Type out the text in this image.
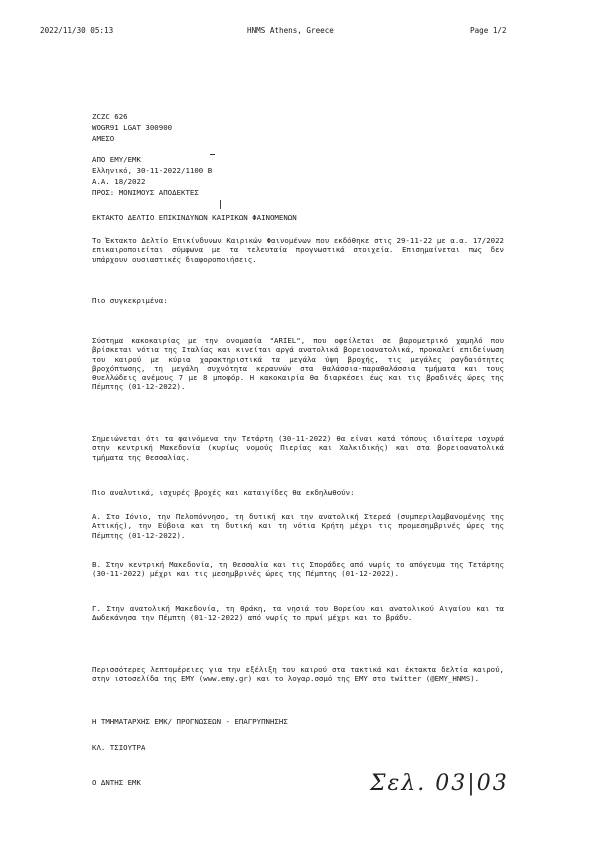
2022/11/30 05:13	HNMS Athens, Greece	Page 1/2
ZCZC 626
WOGR91 LGAT 300900
ΑΜΕΣΟ
ΑΠΟ ΕΜΥ/ΕΜΚ
Ελληνικό, 30-11-2022/1100 Β
Α.Α. 18/2022
ΠΡΟΣ: ΜΟΝΙΜΟΥΣ ΑΠΟΔΕΚΤΕΣ
ΕΚΤΑΚΤΟ ΔΕΛΤΙΟ ΕΠΙΚΙΝΔΥΝΩΝ ΚΑΙΡΙΚΩΝ ΦΑΙΝΟΜΕΝΩΝ
Το Έκτακτο Δελτίο Επικίνδυνων Καιρικών Φαινομένων που εκδόθηκε στις 29-11-22 με α.α. 17/2022 επικαιροποιείται σύμφωνα με τα τελευταία προγνωστικά στοιχεία. Επισημαίνεται πως δεν υπάρχουν ουσιαστικές διαφοροποιήσεις.
Πιο συγκεκριμένα:
Σύστημα κακοκαιρίας με την ονομασία "ARIEL", που οφείλεται σε βαρομετρικό χαμηλό που βρίσκεται νότια της Ιταλίας και κινείται αργά ανατολικά βορειοανατολικά, προκαλεί επιδείνωση του καιρού με κύρια χαρακτηριστικά τα μεγάλα ύψη βροχής, τις μεγάλες ραγδαιότητες βροχόπτωσης, τη μεγάλη συχνότητα κεραυνών στα θαλάσσια-παραθαλάσσια τμήματα και τους θυελλώδεις ανέμους 7 με 8 μποφόρ. Η κακοκαιρία θα διαρκέσει έως και τις βραδινές ώρες της Πέμπτης (01-12-2022).
Σημειώνεται ότι τα φαινόμενα την Τετάρτη (30-11-2022) θα είναι κατά τόπους ιδιαίτερα ισχυρά στην κεντρική Μακεδονία (κυρίως νομούς Πιερίας και Χαλκιδικής) και στα βορειοανατολικά τμήματα της Θεσσαλίας.
Πιο αναλυτικά, ισχυρές βροχές και καταιγίδες θα εκδηλωθούν:
Α. Στο Ιόνιο, την Πελοπόννησο, τη δυτική και την ανατολική Στερεά (συμπεριλαμβανομένης της Αττικής), την Εύβοια και τη δυτική και τη νότια Κρήτη μέχρι τις προμεσημβρινές ώρες της Πέμπτης (01-12-2022).
Β. Στην κεντρική Μακεδονία, τη Θεσσαλία και τις Σποράδες από νωρίς το απόγευμα της Τετάρτης (30-11-2022) μέχρι και τις μεσημβρινές ώρες της Πέμπτης (01-12-2022).
Γ. Στην ανατολική Μακεδονία, τη Θράκη, τα νησιά του Βορείου και ανατολικού Αιγαίου και τα Δωδεκάνησα την Πέμπτη (01-12-2022) από νωρίς το πρωί μέχρι και το βράδυ.
Περισσότερες λεπτομέρειες για την εξέλιξη του καιρού στα τακτικά και έκτακτα δελτία καιρού, στην ιστοσελίδα της ΕΜΥ (www.emy.gr) και το λογαρ.σσμό της ΕΜΥ στο twitter (@EMY_HNMS).
Η ΤΜΗΜΑΤΑΡΧΗΣ ΕΜΚ/ ΠΡΟΓΝΩΣΕΩΝ - ΕΠΑΓΡΥΠΝΗΣΗΣ
ΚΛ. ΤΣΙΟΥΤΡΑ
Ο ΔΝΤΗΣ ΕΜΚ	Σελ. 03|03
